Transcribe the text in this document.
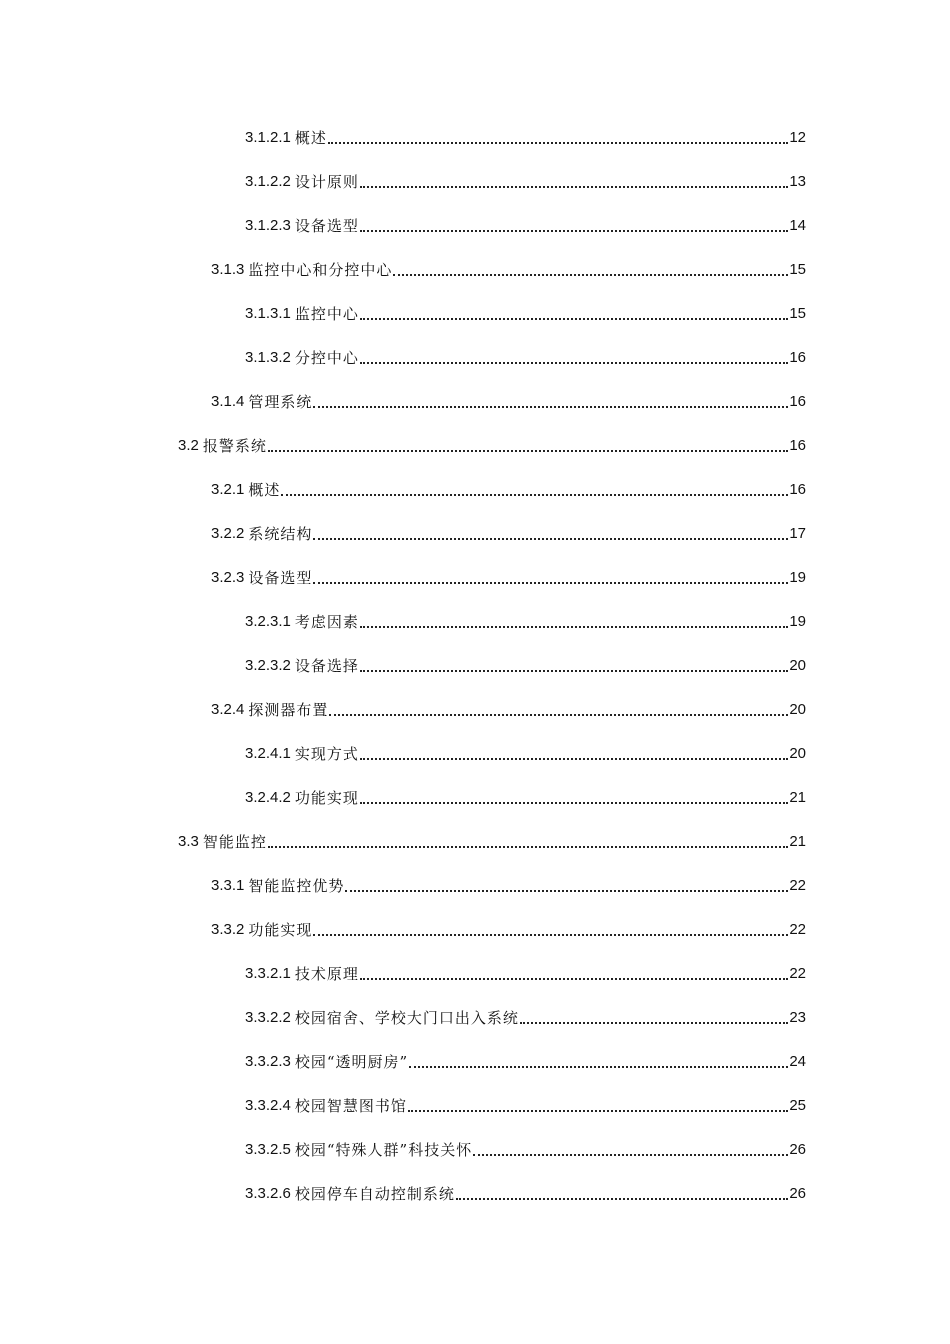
3.1.2.1 概述	12
3.1.2.2 设计原则	13
3.1.2.3 设备选型	14
3.1.3 监控中心和分控中心	15
3.1.3.1 监控中心	15
3.1.3.2 分控中心	16
3.1.4 管理系统	16
3.2 报警系统	16
3.2.1 概述	16
3.2.2 系统结构	17
3.2.3 设备选型	19
3.2.3.1 考虑因素	19
3.2.3.2 设备选择	20
3.2.4 探测器布置	20
3.2.4.1 实现方式	20
3.2.4.2 功能实现	21
3.3 智能监控	21
3.3.1 智能监控优势	22
3.3.2 功能实现	22
3.3.2.1 技术原理	22
3.3.2.2 校园宿舍、学校大门口出入系统	23
3.3.2.3 校园“透明厨房”	24
3.3.2.4 校园智慧图书馆	25
3.3.2.5 校园“特殊人群”科技关怀	26
3.3.2.6 校园停车自动控制系统	26
